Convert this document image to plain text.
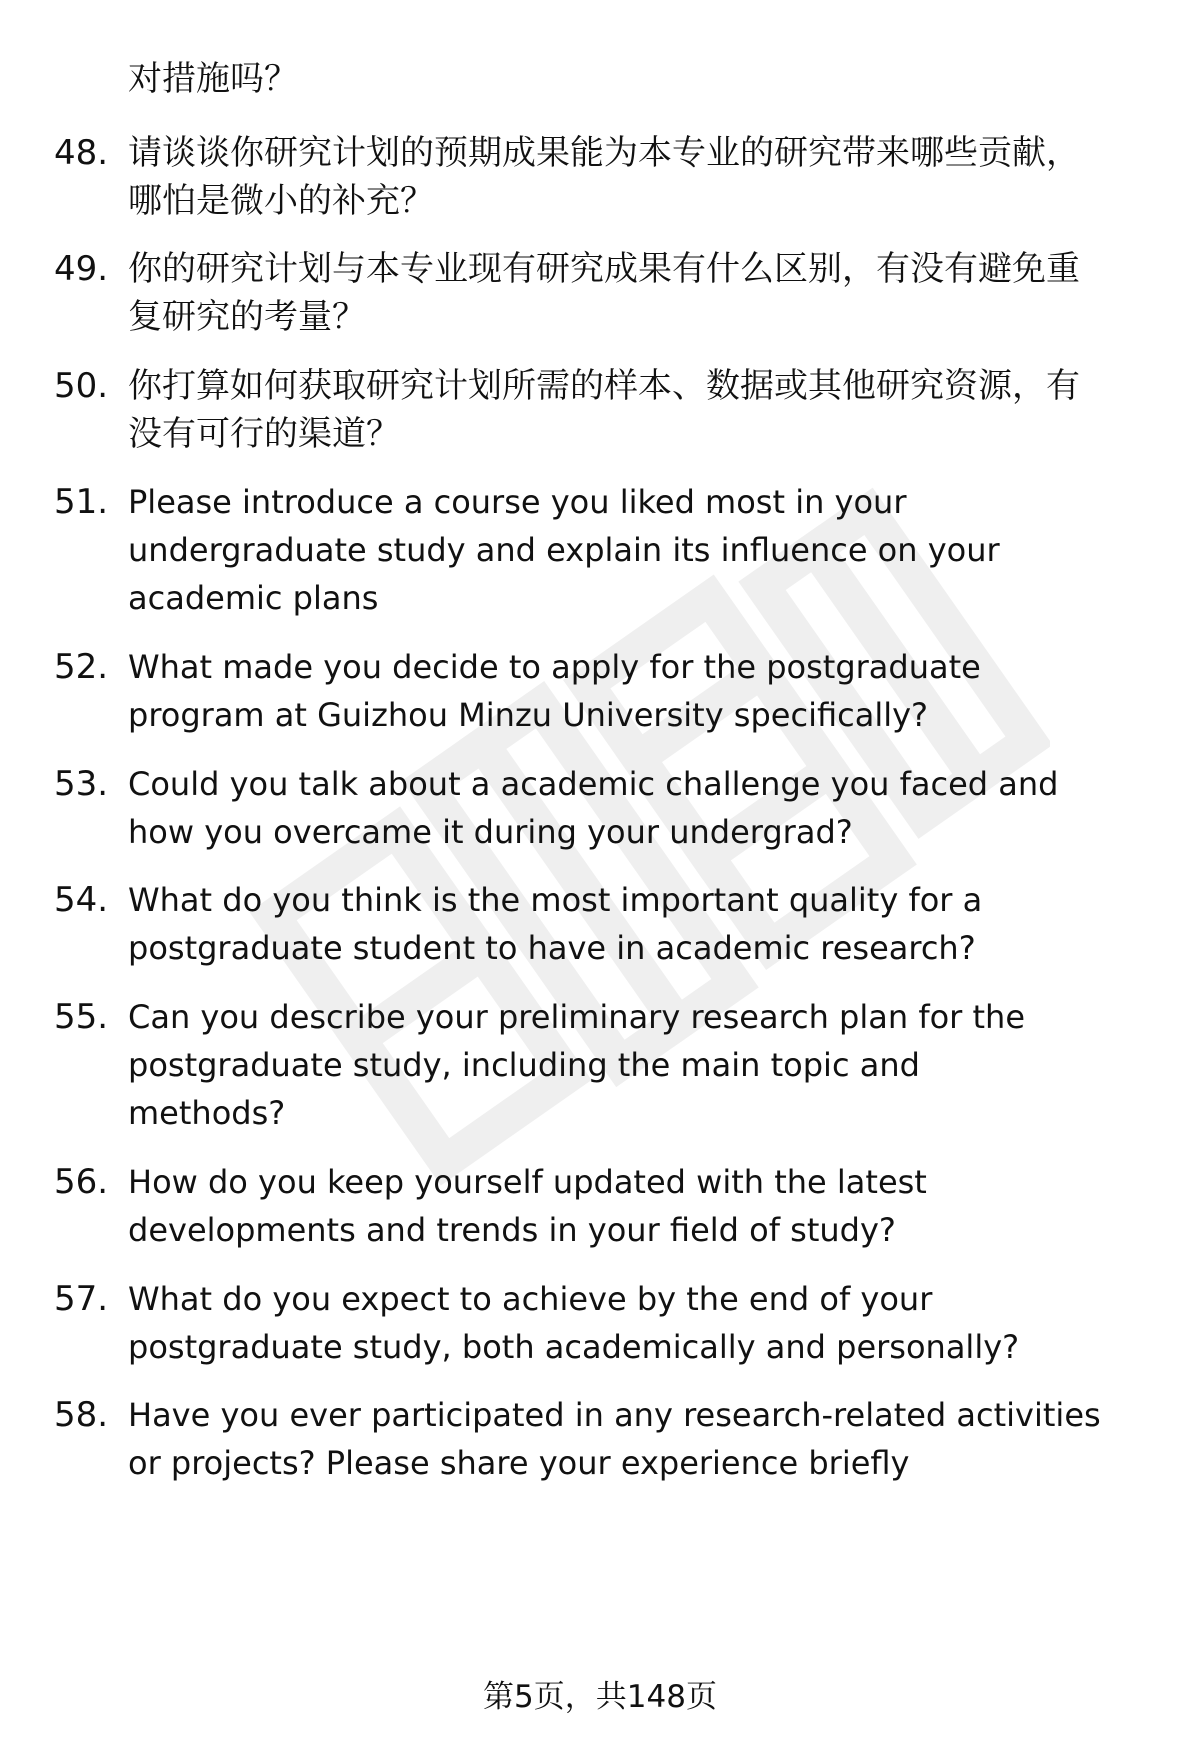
对措施吗？
48. 请谈谈你研究计划的预期成果能为本专业的研究带来哪些贡献，
哪怕是微小的补充？
49. 你的研究计划与本专业现有研究成果有什么区别，有没有避免重
复研究的考量？
50. 你打算如何获取研究计划所需的样本、数据或其他研究资源，有
没有可行的渠道？
51. Please introduce a course you liked most in your
undergraduate study and explain its influence on your
academic plans
52. What made you decide to apply for the postgraduate
program at Guizhou Minzu University specifically?
53. Could you talk about a academic challenge you faced and
how you overcame it during your undergrad?
54. What do you think is the most important quality for a
postgraduate student to have in academic research?
55. Can you describe your preliminary research plan for the
postgraduate study, including the main topic and
methods?
56. How do you keep yourself updated with the latest
developments and trends in your field of study?
57. What do you expect to achieve by the end of your
postgraduate study, both academically and personally?
58. Have you ever participated in any research-related activities
or projects? Please share your experience briefly
第5页，共148页
